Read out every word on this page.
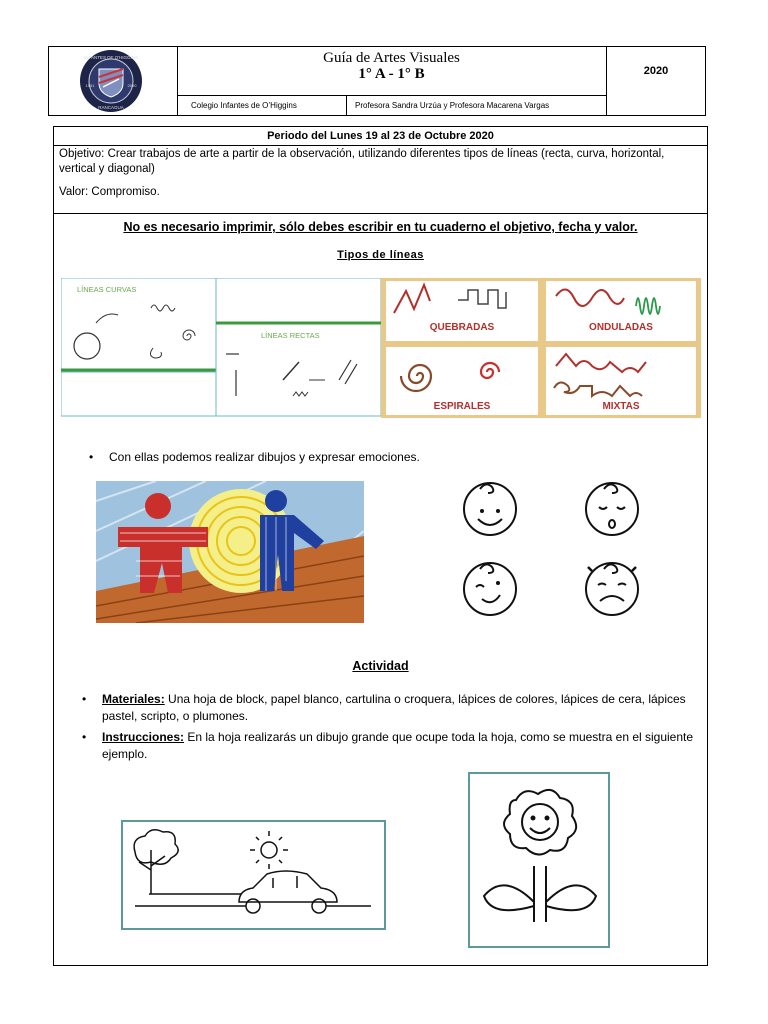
INFANTES DE O'HIGGINS
RANCAGUA
1951	2020
Guía de Artes Visuales
1° A - 1° B	2020
Colegio Infantes de O’Higgins	Profesora Sandra Urzúa y Profesora Macarena Vargas
Periodo del Lunes 19 al 23 de Octubre 2020
Objetivo: Crear trabajos de arte a partir de la observación, utilizando diferentes tipos de líneas (recta, curva, horizontal, vertical y diagonal)
Valor: Compromiso.
No es necesario imprimir, sólo debes escribir en tu cuaderno el objetivo, fecha y valor.
Tipos de líneas
LÍNEAS CURVAS
LÍNEAS RECTAS
QUEBRADAS	ONDULADAS
ESPIRALES	MIXTAS
• Con ellas podemos realizar dibujos y expresar emociones.
Actividad
• Materiales: Una hoja de block, papel blanco, cartulina o croquera, lápices de colores, lápices de cera, lápices pastel, scripto, o plumones.
• Instrucciones: En la hoja realizarás un dibujo grande que ocupe toda la hoja, como se muestra en el siguiente ejemplo.
